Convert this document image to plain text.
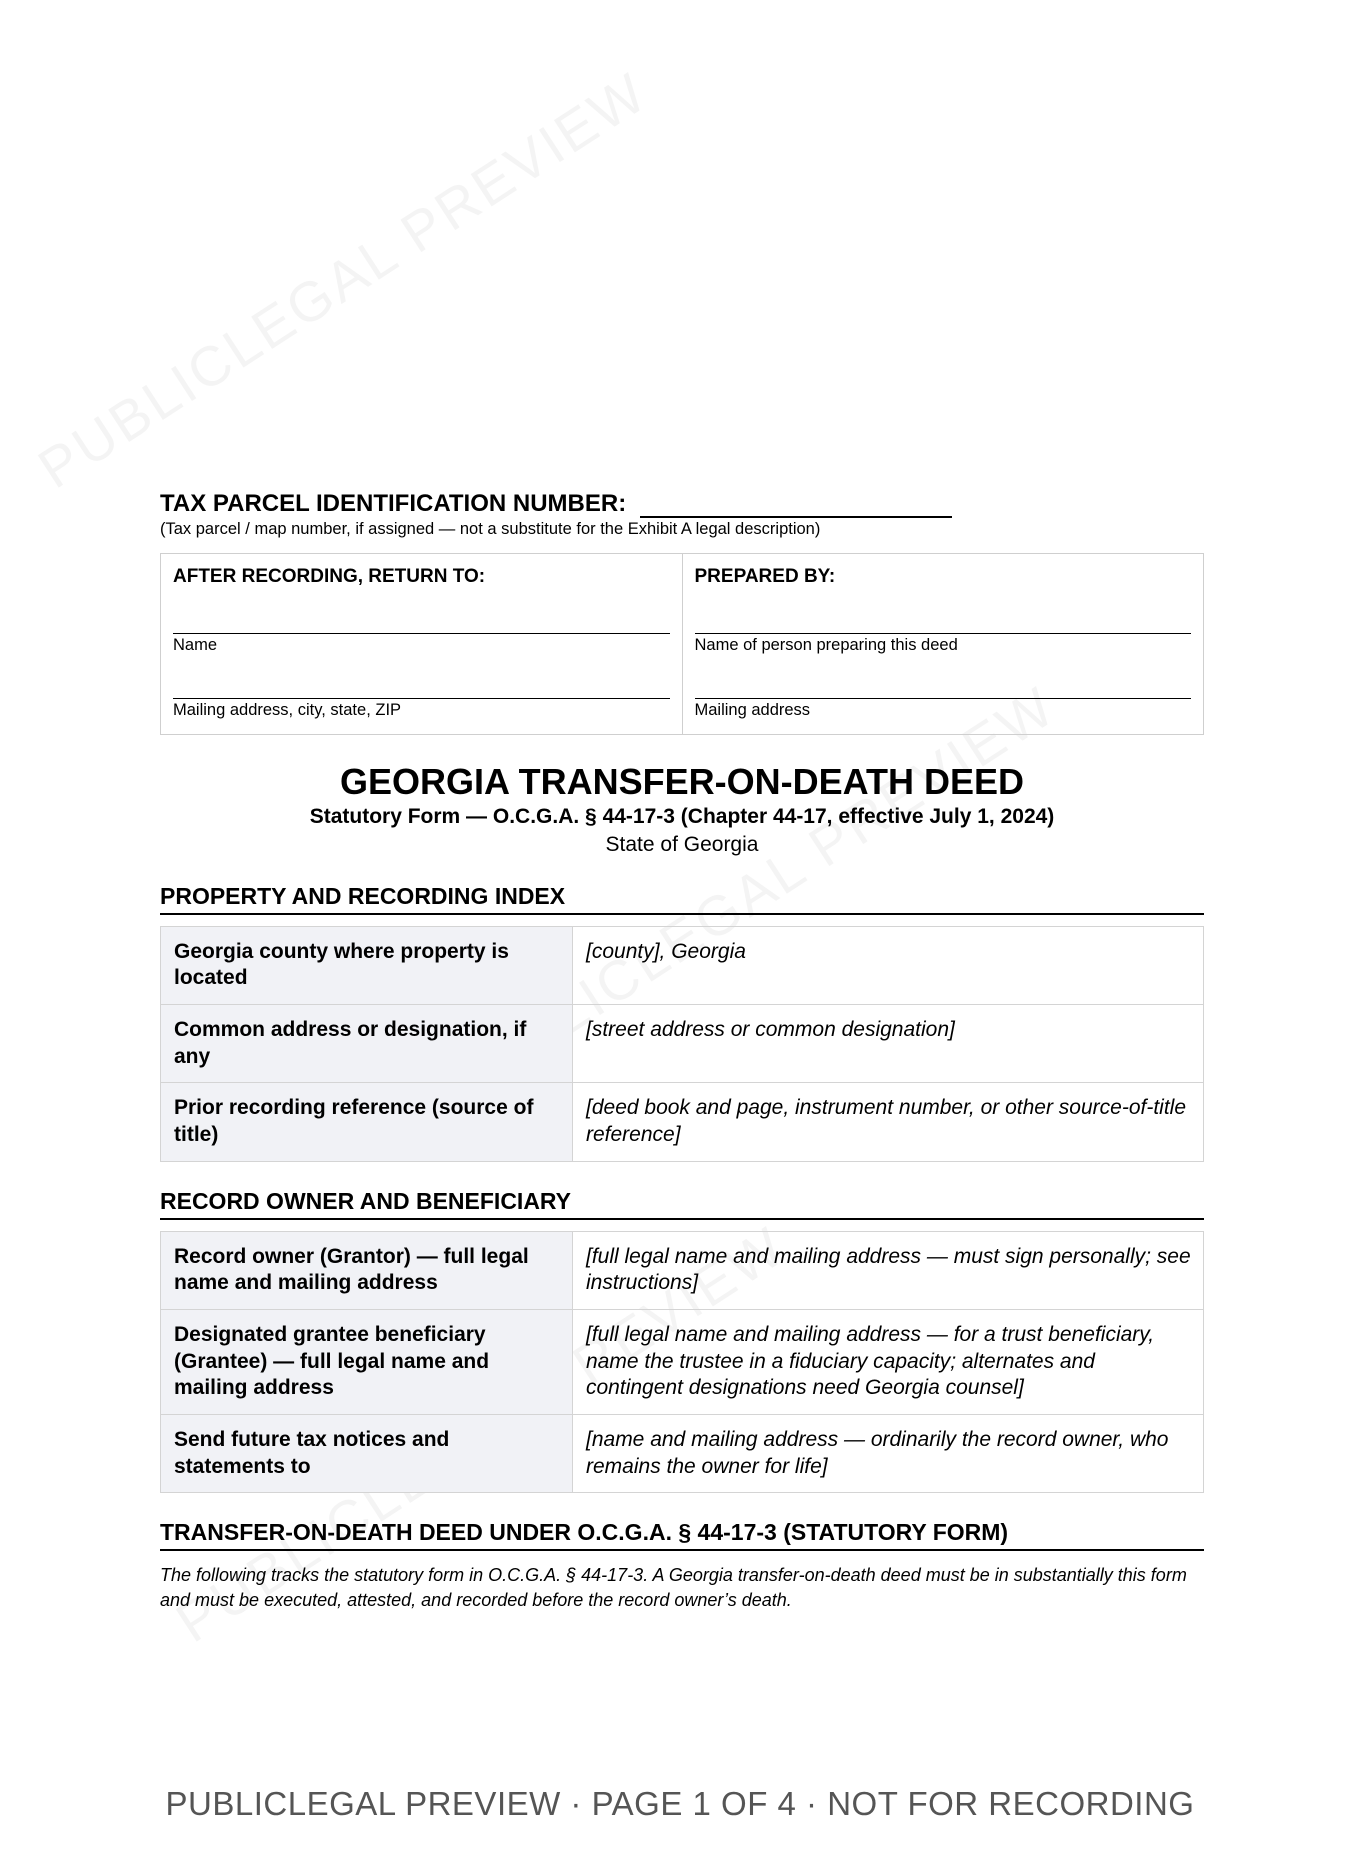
TAX PARCEL IDENTIFICATION NUMBER:
(Tax parcel / map number, if assigned — not a substitute for the Exhibit A legal description)
AFTER RECORDING, RETURN TO:
Name
Mailing address, city, state, ZIP
PREPARED BY:
Name of person preparing this deed
Mailing address
GEORGIA TRANSFER-ON-DEATH DEED
Statutory Form — O.C.G.A. § 44-17-3 (Chapter 44-17, effective July 1, 2024)
State of Georgia
PROPERTY AND RECORDING INDEX
Georgia county where property is located	[county], Georgia
Common address or designation, if any	[street address or common designation]
Prior recording reference (source of title)	[deed book and page, instrument number, or other source-of-title reference]
RECORD OWNER AND BENEFICIARY
Record owner (Grantor) — full legal name and mailing address	[full legal name and mailing address — must sign personally; see instructions]
Designated grantee beneficiary (Grantee) — full legal name and mailing address	[full legal name and mailing address — for a trust beneficiary, name the trustee in a fiduciary capacity; alternates and contingent designations need Georgia counsel]
Send future tax notices and statements to	[name and mailing address — ordinarily the record owner, who remains the owner for life]
TRANSFER-ON-DEATH DEED UNDER O.C.G.A. § 44-17-3 (STATUTORY FORM)
The following tracks the statutory form in O.C.G.A. § 44-17-3. A Georgia transfer-on-death deed must be in substantially this form and must be executed, attested, and recorded before the record owner’s death.
PUBLICLEGAL PREVIEW · PAGE 1 OF 4 · NOT FOR RECORDING
